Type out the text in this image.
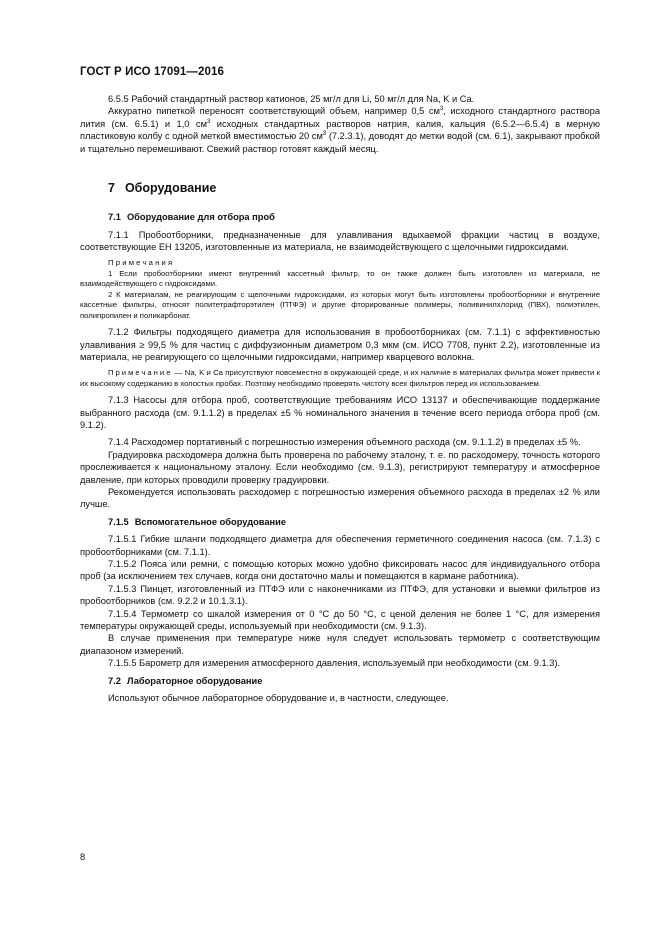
ГОСТ Р ИСО 17091—2016

6.5.5 Рабочий стандартный раствор катионов, 25 мг/л для Li, 50 мг/л для Na, K и Ca.

Аккуратно пипеткой переносят соответствующий объем, например 0,5 $см^3$, исходного стандартного раствора лития (см. 6.5.1) и 1,0 $см^3$ исходных стандартных растворов натрия, калия, кальция (6.5.2—6.5.4) в мерную пластиковую колбу с одной меткой вместимостью 20 $см^3$ (7.2.3.1), доводят до метки водой (см. 6.1), закрывают пробкой и тщательно перемешивают. Свежий раствор готовят каждый месяц.

7 Оборудование

7.1 Оборудование для отбора проб

7.1.1 Пробоотборники, предназначенные для улавливания вдыхаемой фракции частиц в воздухе, соответствующие ЕН 13205, изготовленные из материала, не взаимодействующего с щелочными гидроксидами.

Примечания

1 Если пробоотборники имеют внутренний кассетный фильтр, то он также должен быть изготовлен из материала, не взаимодействующего с гидроксидами.

2 К материалам, не реагирующим с щелочными гидроксидами, из которых могут быть изготовлены пробоотборники и внутренние кассетные фильтры, относят политетрафторэтилен (ПТФЭ) и другие фторированные полимеры, поливинилхлорид (ПВХ), полиэтилен, полипропилен и поликарбонат.

7.1.2 Фильтры подходящего диаметра для использования в пробоотборниках (см. 7.1.1) с эффективностью улавливания ≥ 99,5 % для частиц с диффузионным диаметром 0,3 мкм (см. ИСО 7708, пункт 2.2), изготовленные из материала, не реагирующего со щелочными гидроксидами, например кварцевого волокна.

Примечание — Na, K и Ca присутствуют повсеместно в окружающей среде, и их наличие в материалах фильтра может привести к их высокому содержанию в холостых пробах. Поэтому необходимо проверять чистоту всех фильтров перед их использованием.

7.1.3 Насосы для отбора проб, соответствующие требованиям ИСО 13137 и обеспечивающие поддержание выбранного расхода (см. 9.1.1.2) в пределах ±5 % номинального значения в течение всего периода отбора проб (см. 9.1.2).

7.1.4 Расходомер портативный с погрешностью измерения объемного расхода (см. 9.1.1.2) в пределах ±5 %.

Градуировка расходомера должна быть проверена по рабочему эталону, т. е. по расходомеру, точность которого прослеживается к национальному эталону. Если необходимо (см. 9.1.3), регистрируют температуру и атмосферное давление, при которых проводили проверку градуировки.

Рекомендуется использовать расходомер с погрешностью измерения объемного расхода в пределах ±2 % или лучше.

7.1.5 Вспомогательное оборудование

7.1.5.1 Гибкие шланги подходящего диаметра для обеспечения герметичного соединения насоса (см. 7.1.3) с пробоотборниками (см. 7.1.1).

7.1.5.2 Пояса или ремни, с помощью которых можно удобно фиксировать насос для индивидуального отбора проб (за исключением тех случаев, когда они достаточно малы и помещаются в кармане работника).

7.1.5.3 Пинцет, изготовленный из ПТФЭ или с наконечниками из ПТФЭ, для установки и выемки фильтров из пробоотборников (см. 9.2.2 и 10.1.3.1).

7.1.5.4 Термометр со шкалой измерения от 0 °С до 50 °С, с ценой деления не более 1 °С, для измерения температуры окружающей среды, используемый при необходимости (см. 9.1.3).

В случае применения при температуре ниже нуля следует использовать термометр с соответствующим диапазоном измерений.

7.1.5.5 Барометр для измерения атмосферного давления, используемый при необходимости (см. 9.1.3).

7.2 Лабораторное оборудование

Используют обычное лабораторное оборудование и, в частности, следующее.

8
